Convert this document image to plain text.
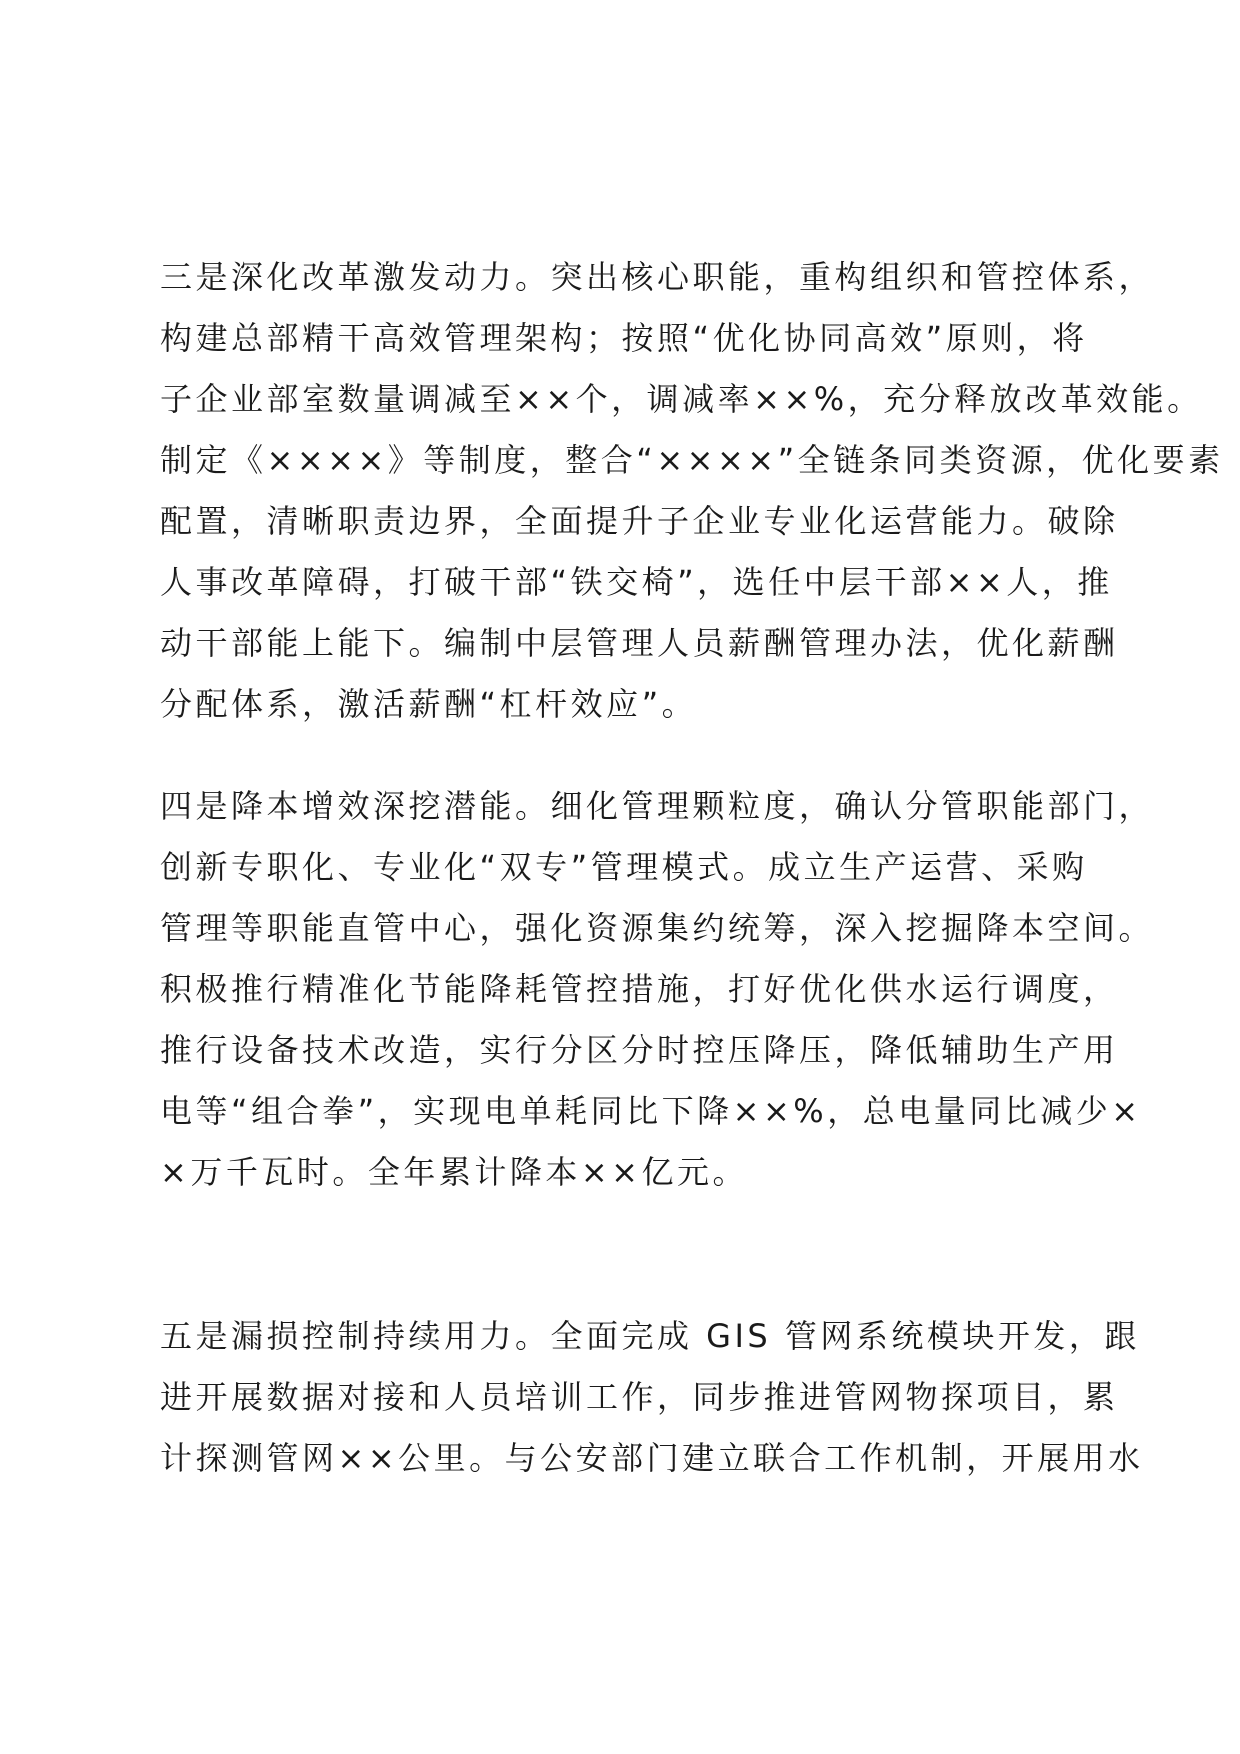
三是深化改革激发动力。突出核心职能，重构组织和管控体系，
构建总部精干高效管理架构；按照“优化协同高效”原则，将
子企业部室数量调减至××个，调减率××%，充分释放改革效能。
制定《××××》等制度，整合“××××”全链条同类资源，优化要素
配置，清晰职责边界，全面提升子企业专业化运营能力。破除
人事改革障碍，打破干部“铁交椅”，选任中层干部××人，推
动干部能上能下。编制中层管理人员薪酬管理办法，优化薪酬
分配体系，激活薪酬“杠杆效应”。
四是降本增效深挖潜能。细化管理颗粒度，确认分管职能部门，
创新专职化、专业化“双专”管理模式。成立生产运营、采购
管理等职能直管中心，强化资源集约统筹，深入挖掘降本空间。
积极推行精准化节能降耗管控措施，打好优化供水运行调度，
推行设备技术改造，实行分区分时控压降压，降低辅助生产用
电等“组合拳”，实现电单耗同比下降××%，总电量同比减少×
×万千瓦时。全年累计降本××亿元。
五是漏损控制持续用力。全面完成 GIS 管网系统模块开发，跟
进开展数据对接和人员培训工作，同步推进管网物探项目，累
计探测管网××公里。与公安部门建立联合工作机制，开展用水
